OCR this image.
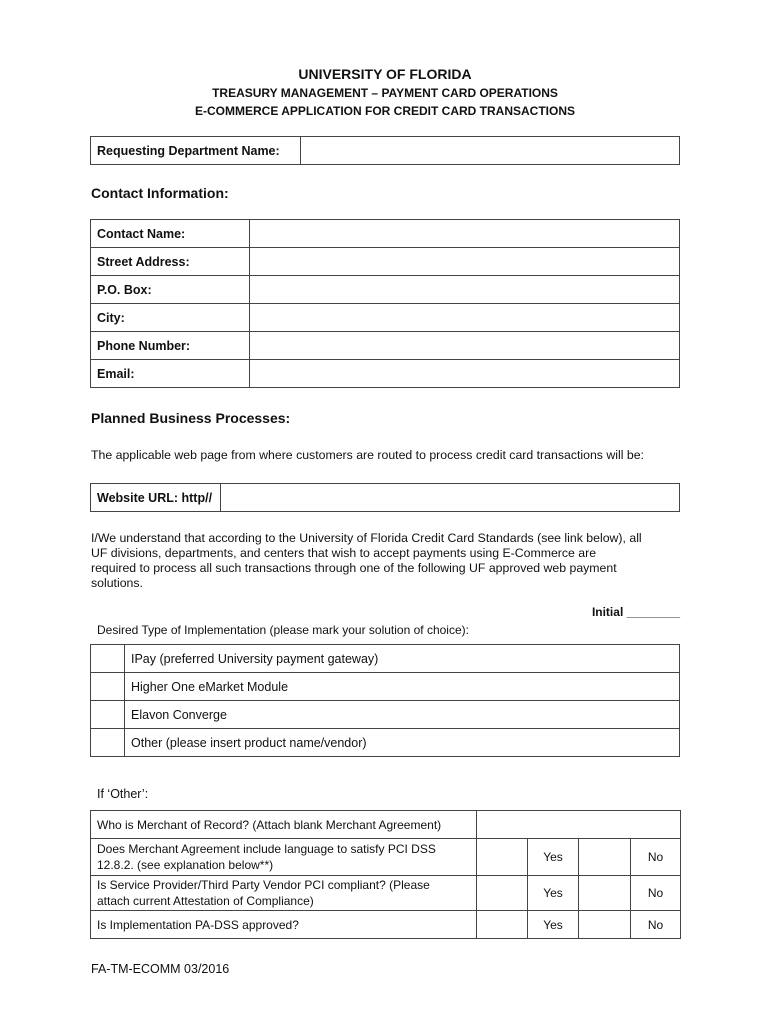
UNIVERSITY OF FLORIDA
TREASURY MANAGEMENT – PAYMENT CARD OPERATIONS
E-COMMERCE APPLICATION FOR CREDIT CARD TRANSACTIONS
Requesting Department Name:	
Contact Information:
Contact Name:	
Street Address:	
P.O. Box:	
City:	
Phone Number:	
Email:	
Planned Business Processes:
The applicable web page from where customers are routed to process credit card transactions will be:
Website URL: http//	
I/We understand that according to the University of Florida Credit Card Standards (see link below), all
UF divisions, departments, and centers that wish to accept payments using E-Commerce are
required to process all such transactions through one of the following UF approved web payment
solutions.
Initial ________
Desired Type of Implementation (please mark your solution of choice):
	IPay (preferred University payment gateway)
	Higher One eMarket Module
	Elavon Converge
	Other (please insert product name/vendor)
If ‘Other’:
Who is Merchant of Record? (Attach blank Merchant Agreement)				

Does Merchant Agreement include language to satisfy PCI DSS
12.8.2. (see explanation below**)		Yes		No

Is Service Provider/Third Party Vendor PCI compliant? (Please
attach current Attestation of Compliance)		Yes		No
Is Implementation PA-DSS approved?		Yes		No
FA-TM-ECOMM 03/2016
